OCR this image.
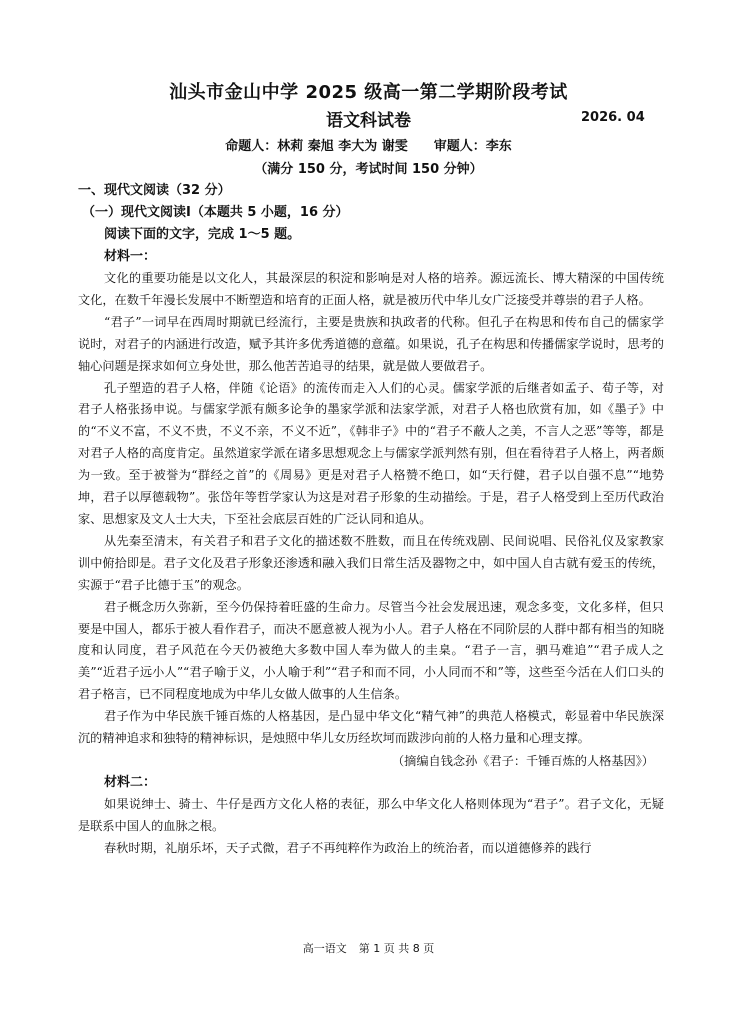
汕头市金山中学 2025 级高一第二学期阶段考试
语文科试卷	2026. 04
命题人：林莉 秦旭 李大为 谢雯 审题人：李东
（满分 150 分，考试时间 150 分钟）

一、现代文阅读（32 分）

（一）现代文阅读Ⅰ（本题共 5 小题，16 分）

阅读下面的文字，完成 1～5 题。

材料一：

文化的重要功能是以文化人，其最深层的积淀和影响是对人格的培养。源远流长、博大精深的中国传统文化，在数千年漫长发展中不断塑造和培育的正面人格，就是被历代中华儿女广泛接受并尊崇的君子人格。

“君子”一词早在西周时期就已经流行，主要是贵族和执政者的代称。但孔子在构思和传布自己的儒家学说时，对君子的内涵进行改造，赋予其许多优秀道德的意蕴。如果说，孔子在构思和传播儒家学说时，思考的轴心问题是探求如何立身处世，那么他苦苦追寻的结果，就是做人要做君子。

孔子塑造的君子人格，伴随《论语》的流传而走入人们的心灵。儒家学派的后继者如孟子、荀子等，对君子人格张扬申说。与儒家学派有颇多论争的墨家学派和法家学派，对君子人格也欣赏有加，如《墨子》中的“不义不富，不义不贵，不义不亲，不义不近”，《韩非子》中的“君子不蔽人之美，不言人之恶”等等，都是对君子人格的高度肯定。虽然道家学派在诸多思想观念上与儒家学派判然有别，但在看待君子人格上，两者颇为一致。至于被誉为“群经之首”的《周易》更是对君子人格赞不绝口，如“天行健，君子以自强不息”“地势坤，君子以厚德载物”。张岱年等哲学家认为这是对君子形象的生动描绘。于是，君子人格受到上至历代政治家、思想家及文人士大夫，下至社会底层百姓的广泛认同和追从。

从先秦至清末，有关君子和君子文化的描述数不胜数，而且在传统戏剧、民间说唱、民俗礼仪及家教家训中俯拾即是。君子文化及君子形象还渗透和融入我们日常生活及器物之中，如中国人自古就有爱玉的传统，实源于“君子比德于玉”的观念。

君子概念历久弥新，至今仍保持着旺盛的生命力。尽管当今社会发展迅速，观念多变，文化多样，但只要是中国人，都乐于被人看作君子，而决不愿意被人视为小人。君子人格在不同阶层的人群中都有相当的知晓度和认同度，君子风范在今天仍被绝大多数中国人奉为做人的圭臬。“君子一言，驷马难追”“君子成人之美”“近君子远小人”“君子喻于义，小人喻于利”“君子和而不同，小人同而不和”等，这些至今活在人们口头的君子格言，已不同程度地成为中华儿女做人做事的人生信条。

君子作为中华民族千锤百炼的人格基因，是凸显中华文化“精气神”的典范人格模式，彰显着中华民族深沉的精神追求和独特的精神标识，是烛照中华儿女历经坎坷而跋涉向前的人格力量和心理支撑。

（摘编自钱念孙《君子：千锤百炼的人格基因》）

材料二：

如果说绅士、骑士、牛仔是西方文化人格的表征，那么中华文化人格则体现为“君子”。君子文化，无疑是联系中国人的血脉之根。

春秋时期，礼崩乐坏，天子式微，君子不再纯粹作为政治上的统治者，而以道德修养的践行

高一语文 第 1 页 共 8 页
